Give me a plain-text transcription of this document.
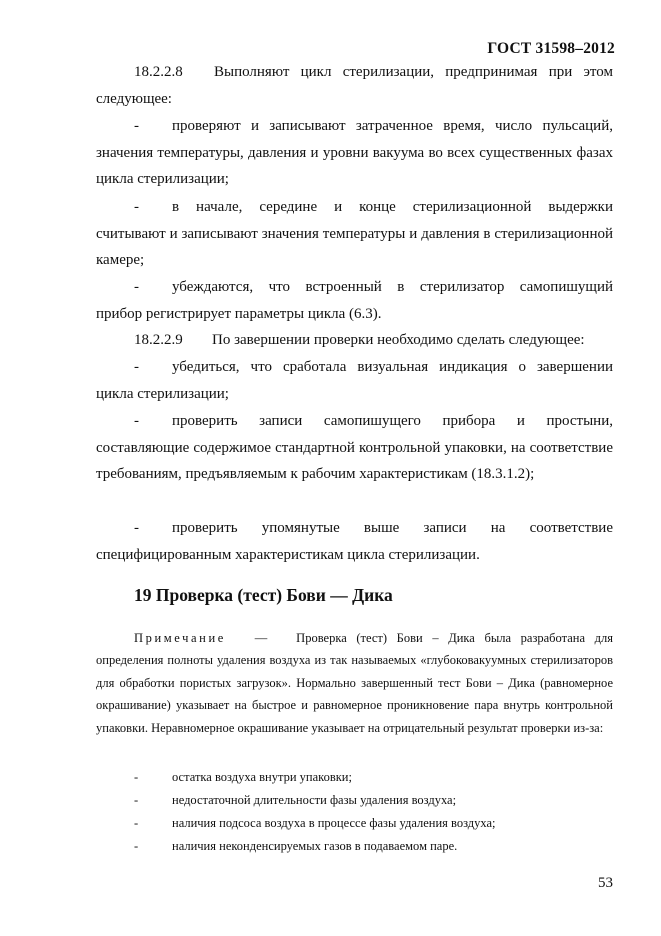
ГОСТ 31598–2012
18.2.2.8 Выполняют цикл стерилизации, предпринимая при этом
следующее:
- проверяют и записывают затраченное время, число пульсаций,
значения температуры, давления и уровни вакуума во всех существенных фазах цикла стерилизации;
- в начале, середине и конце стерилизационной выдержки
считывают и записывают значения температуры и давления в стерилизационной камере;
- убеждаются, что встроенный в стерилизатор самопишущий
прибор регистрирует параметры цикла (6.3).
18.2.2.9 По завершении проверки необходимо сделать следующее:
- убедиться, что сработала визуальная индикация о завершении
цикла стерилизации;
- проверить записи самопишущего прибора и простыни,
составляющие содержимое стандартной контрольной упаковки, на соответствие требованиям, предъявляемым к рабочим характеристикам (18.3.1.2);
- проверить упомянутые выше записи на соответствие
специфицированным характеристикам цикла стерилизации.
19 Проверка (тест) Бови — Дика
Примечание — Проверка (тест) Бови – Дика была разработана для
определения полноты удаления воздуха из так называемых «глубоковакуумных стерилизаторов для обработки пористых загрузок». Нормально завершенный тест Бови – Дика (равномерное окрашивание) указывает на быстрое и равномерное проникновение пара внутрь контрольной упаковки. Неравномерное окрашивание указывает на отрицательный результат проверки из-за:
-	остатка воздуха внутри упаковки;
-	недостаточной длительности фазы удаления воздуха;
-	наличия подсоса воздуха в процессе фазы удаления воздуха;
-	наличия неконденсируемых газов в подаваемом паре.
53
